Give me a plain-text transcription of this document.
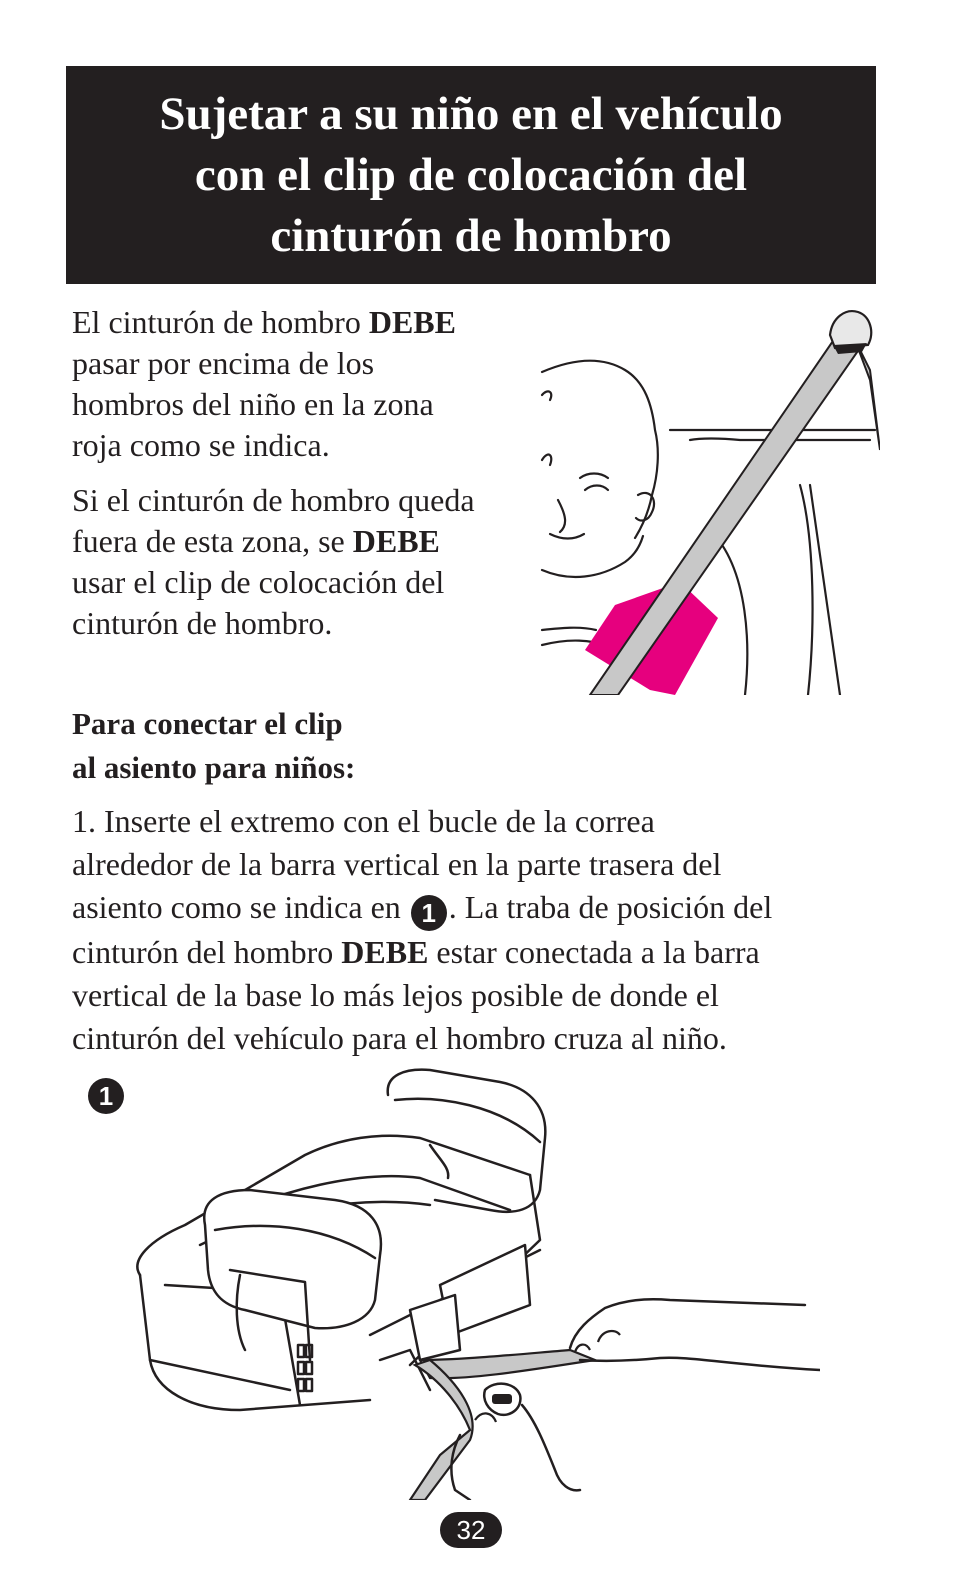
Sujetar a su niño en el vehículo
con el clip de colocación del
cinturón de hombro

El cinturón de hombro DEBE
pasar por encima de los
hombros del niño en la zona
roja como se indica.

Si el cinturón de hombro queda
fuera de esta zona, se DEBE
usar el clip de colocación del
cinturón de hombro.

Para conectar el clip
al asiento para niños:

1. Inserte el extremo con el bucle de la correa
alrededor de la barra vertical en la parte trasera del
asiento como se indica en 1 . La traba de posición del
cinturón del hombro DEBE estar conectada a la barra
vertical de la base lo más lejos posible de donde el
cinturón del vehículo para el hombro cruza al niño.

1
32
